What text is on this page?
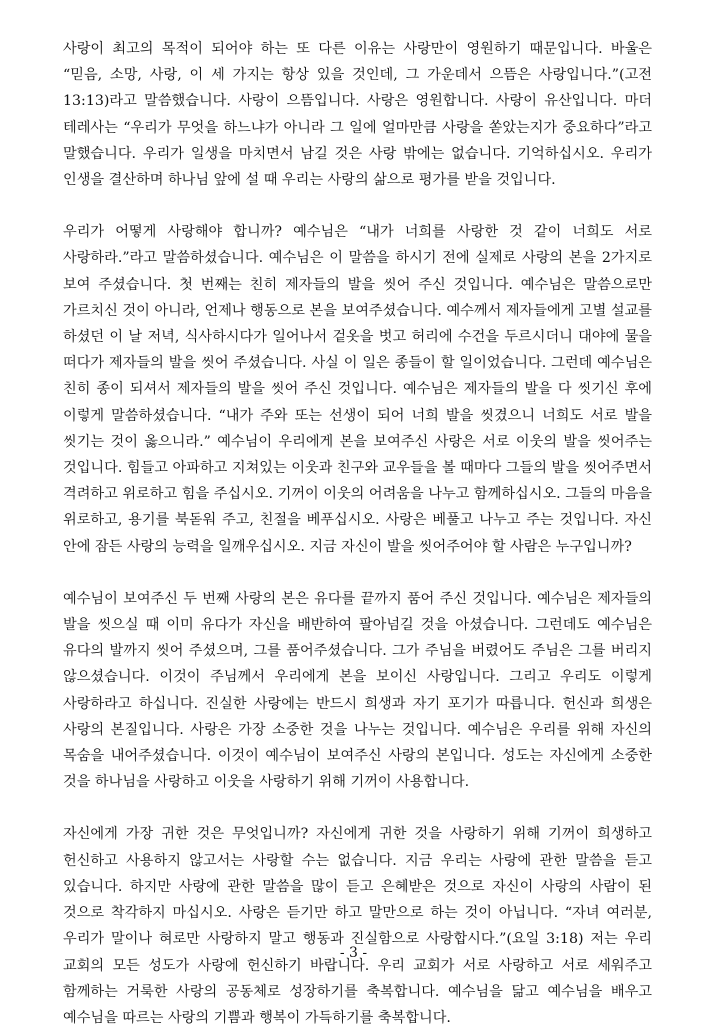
사랑이 최고의 목적이 되어야 하는 또 다른 이유는 사랑만이 영원하기 때문입니다. 바울은 “믿음, 소망, 사랑, 이 세 가지는 항상 있을 것인데, 그 가운데서 으뜸은 사랑입니다.”(고전 13:13)라고 말씀했습니다. 사랑이 으뜸입니다. 사랑은 영원합니다. 사랑이 유산입니다. 마더 테레사는 “우리가 무엇을 하느냐가 아니라 그 일에 얼마만큼 사랑을 쏟았는지가 중요하다”라고 말했습니다. 우리가 일생을 마치면서 남길 것은 사랑 밖에는 없습니다. 기억하십시오. 우리가 인생을 결산하며 하나님 앞에 설 때 우리는 사랑의 삶으로 평가를 받을 것입니다.

우리가 어떻게 사랑해야 합니까? 예수님은 “내가 너희를 사랑한 것 같이 너희도 서로 사랑하라.”라고 말씀하셨습니다. 예수님은 이 말씀을 하시기 전에 실제로 사랑의 본을 2가지로 보여 주셨습니다. 첫 번째는 친히 제자들의 발을 씻어 주신 것입니다. 예수님은 말씀으로만 가르치신 것이 아니라, 언제나 행동으로 본을 보여주셨습니다. 예수께서 제자들에게 고별 설교를 하셨던 이 날 저녁, 식사하시다가 일어나서 겉옷을 벗고 허리에 수건을 두르시더니 대야에 물을 떠다가 제자들의 발을 씻어 주셨습니다. 사실 이 일은 종들이 할 일이었습니다. 그런데 예수님은 친히 종이 되셔서 제자들의 발을 씻어 주신 것입니다. 예수님은 제자들의 발을 다 씻기신 후에 이렇게 말씀하셨습니다. “내가 주와 또는 선생이 되어 너희 발을 씻겼으니 너희도 서로 발을 씻기는 것이 옳으니라.” 예수님이 우리에게 본을 보여주신 사랑은 서로 이웃의 발을 씻어주는 것입니다. 힘들고 아파하고 지쳐있는 이웃과 친구와 교우들을 볼 때마다 그들의 발을 씻어주면서 격려하고 위로하고 힘을 주십시오. 기꺼이 이웃의 어려움을 나누고 함께하십시오. 그들의 마음을 위로하고, 용기를 북돋워 주고, 친절을 베푸십시오. 사랑은 베풀고 나누고 주는 것입니다. 자신 안에 잠든 사랑의 능력을 일깨우십시오. 지금 자신이 발을 씻어주어야 할 사람은 누구입니까?

예수님이 보여주신 두 번째 사랑의 본은 유다를 끝까지 품어 주신 것입니다. 예수님은 제자들의 발을 씻으실 때 이미 유다가 자신을 배반하여 팔아넘길 것을 아셨습니다. 그런데도 예수님은 유다의 발까지 씻어 주셨으며, 그를 품어주셨습니다. 그가 주님을 버렸어도 주님은 그를 버리지 않으셨습니다. 이것이 주님께서 우리에게 본을 보이신 사랑입니다. 그리고 우리도 이렇게 사랑하라고 하십니다. 진실한 사랑에는 반드시 희생과 자기 포기가 따릅니다. 헌신과 희생은 사랑의 본질입니다. 사랑은 가장 소중한 것을 나누는 것입니다. 예수님은 우리를 위해 자신의 목숨을 내어주셨습니다. 이것이 예수님이 보여주신 사랑의 본입니다. 성도는 자신에게 소중한 것을 하나님을 사랑하고 이웃을 사랑하기 위해 기꺼이 사용합니다.

자신에게 가장 귀한 것은 무엇입니까? 자신에게 귀한 것을 사랑하기 위해 기꺼이 희생하고 헌신하고 사용하지 않고서는 사랑할 수는 없습니다. 지금 우리는 사랑에 관한 말씀을 듣고 있습니다. 하지만 사랑에 관한 말씀을 많이 듣고 은혜받은 것으로 자신이 사랑의 사람이 된 것으로 착각하지 마십시오. 사랑은 듣기만 하고 말만으로 하는 것이 아닙니다. “자녀 여러분, 우리가 말이나 혀로만 사랑하지 말고 행동과 진실함으로 사랑합시다.”(요일 3:18) 저는 우리 교회의 모든 성도가 사랑에 헌신하기 바랍니다. 우리 교회가 서로 사랑하고 서로 세워주고 함께하는 거룩한 사랑의 공동체로 성장하기를 축복합니다. 예수님을 닮고 예수님을 배우고 예수님을 따르는 사랑의 기쁨과 행복이 가득하기를 축복합니다.

- 3 -
